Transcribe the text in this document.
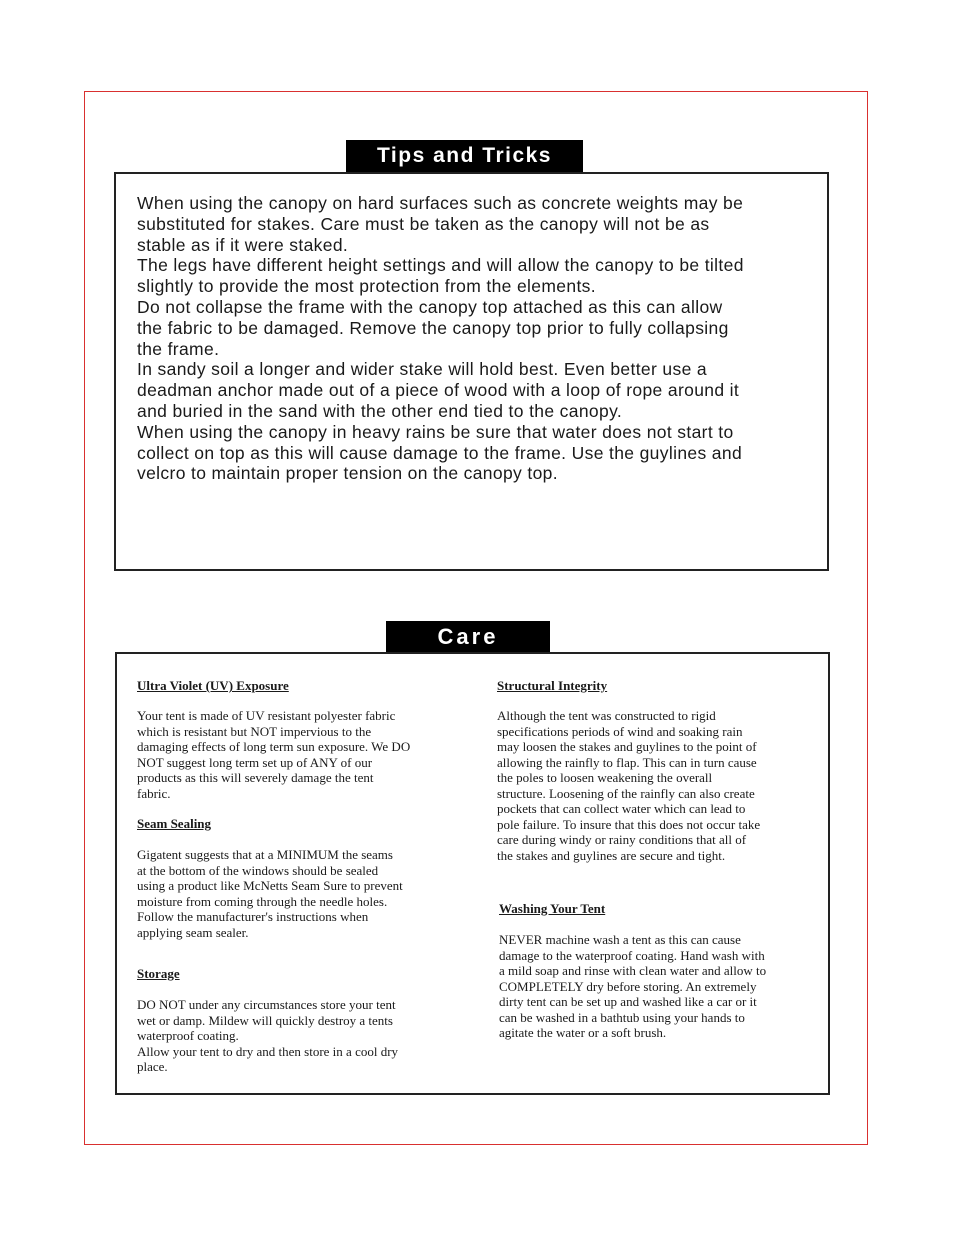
Tips and Tricks
When using the canopy on hard surfaces such as concrete weights may be
substituted for stakes. Care must be taken as the canopy will not be as
stable as if it were staked.
The legs have different height settings and will allow the canopy to be tilted
slightly to provide the most protection from the elements.
Do not collapse the frame with the canopy top attached as this can allow
the fabric to be damaged. Remove the canopy top prior to fully collapsing
the frame.
In sandy soil a longer and wider stake will hold best. Even better use a
deadman anchor made out of a piece of wood with a loop of rope around it
and buried in the sand with the other end tied to the canopy.
When using the canopy in heavy rains be sure that water does not start to
collect on top as this will cause damage to the frame. Use the guylines and
velcro to maintain proper tension on the canopy top.
Care
Ultra Violet (UV) Exposure
Your tent is made of UV resistant polyester fabric
which is resistant but NOT impervious to the
damaging effects of long term sun exposure. We DO
NOT suggest long term set up of ANY of our
products as this will severely damage the tent
fabric.
Seam Sealing
Gigatent suggests that at a MINIMUM the seams
at the bottom of the windows should be sealed
using a product like McNetts Seam Sure to prevent
moisture from coming through the needle holes.
Follow the manufacturer's instructions when
applying seam sealer.
Storage
DO NOT under any circumstances store your tent
wet or damp. Mildew will quickly destroy a tents
waterproof coating.
Allow your tent to dry and then store in a cool dry
place.
Structural Integrity
Although the tent was constructed to rigid
specifications periods of wind and soaking rain
may loosen the stakes and guylines to the point of
allowing the rainfly to flap. This can in turn cause
the poles to loosen weakening the overall
structure. Loosening of the rainfly can also create
pockets that can collect water which can lead to
pole failure. To insure that this does not occur take
care during windy or rainy conditions that all of
the stakes and guylines are secure and tight.
Washing Your Tent
NEVER machine wash a tent as this can cause
damage to the waterproof coating. Hand wash with
a mild soap and rinse with clean water and allow to
COMPLETELY dry before storing. An extremely
dirty tent can be set up and washed like a car or it
can be washed in a bathtub using your hands to
agitate the water or a soft brush.
